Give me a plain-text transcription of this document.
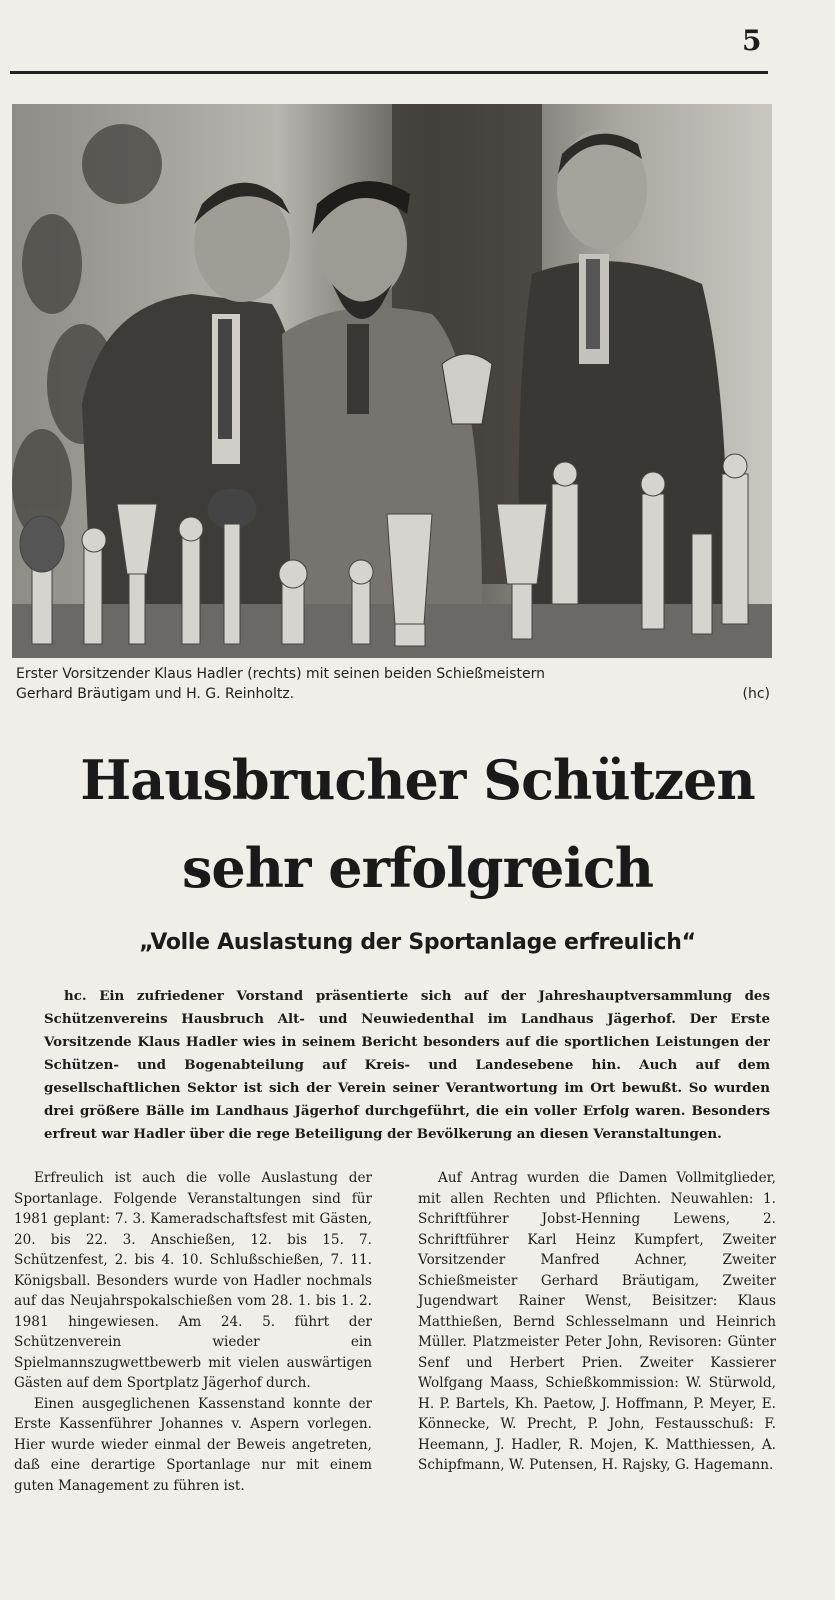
5
Erster Vorsitzender Klaus Hadler (rechts) mit seinen beiden Schießmeistern
Gerhard Bräutigam und H. G. Reinholtz.	(hc)
Hausbrucher Schützen
sehr erfolgreich
„Volle Auslastung der Sportanlage erfreulich“
hc. Ein zufriedener Vorstand präsentierte sich auf der Jahreshauptversammlung des Schützenvereins Hausbruch Alt- und Neuwiedenthal im Landhaus Jägerhof. Der Erste Vorsitzende Klaus Hadler wies in seinem Bericht besonders auf die sportlichen Leistungen der Schützen- und Bogenabteilung auf Kreis- und Landesebene hin. Auch auf dem gesellschaftlichen Sektor ist sich der Verein seiner Verantwortung im Ort bewußt. So wurden drei größere Bälle im Landhaus Jägerhof durchgeführt, die ein voller Erfolg waren. Besonders erfreut war Hadler über die rege Beteiligung der Bevölkerung an diesen Veranstaltungen.

Erfreulich ist auch die volle Auslastung der Sportanlage. Folgende Veranstaltungen sind für 1981 geplant: 7. 3. Kameradschaftsfest mit Gästen, 20. bis 22. 3. Anschießen, 12. bis 15. 7. Schützenfest, 2. bis 4. 10. Schlußschießen, 7. 11. Königsball. Besonders wurde von Hadler nochmals auf das Neujahrspokalschießen vom 28. 1. bis 1. 2. 1981 hingewiesen. Am 24. 5. führt der Schützenverein wieder ein Spielmannszugwettbewerb mit vielen auswärtigen Gästen auf dem Sportplatz Jägerhof durch.

Einen ausgeglichenen Kassenstand konnte der Erste Kassenführer Johannes v. Aspern vorlegen. Hier wurde wieder einmal der Beweis angetreten, daß eine derartige Sportanlage nur mit einem guten Management zu führen ist.

Auf Antrag wurden die Damen Vollmitglieder, mit allen Rechten und Pflichten. Neuwahlen: 1. Schriftführer Jobst-Henning Lewens, 2. Schriftführer Karl Heinz Kumpfert, Zweiter Vorsitzender Manfred Achner, Zweiter Schießmeister Gerhard Bräutigam, Zweiter Jugendwart Rainer Wenst, Beisitzer: Klaus Matthießen, Bernd Schlesselmann und Heinrich Müller. Platzmeister Peter John, Revisoren: Günter Senf und Herbert Prien. Zweiter Kassierer Wolfgang Maass, Schießkommission: W. Stürwold, H. P. Bartels, Kh. Paetow, J. Hoffmann, P. Meyer, E. Könnecke, W. Precht, P. John, Festausschuß: F. Heemann, J. Hadler, R. Mojen, K. Matthiessen, A. Schipfmann, W. Putensen, H. Rajsky, G. Hagemann.
